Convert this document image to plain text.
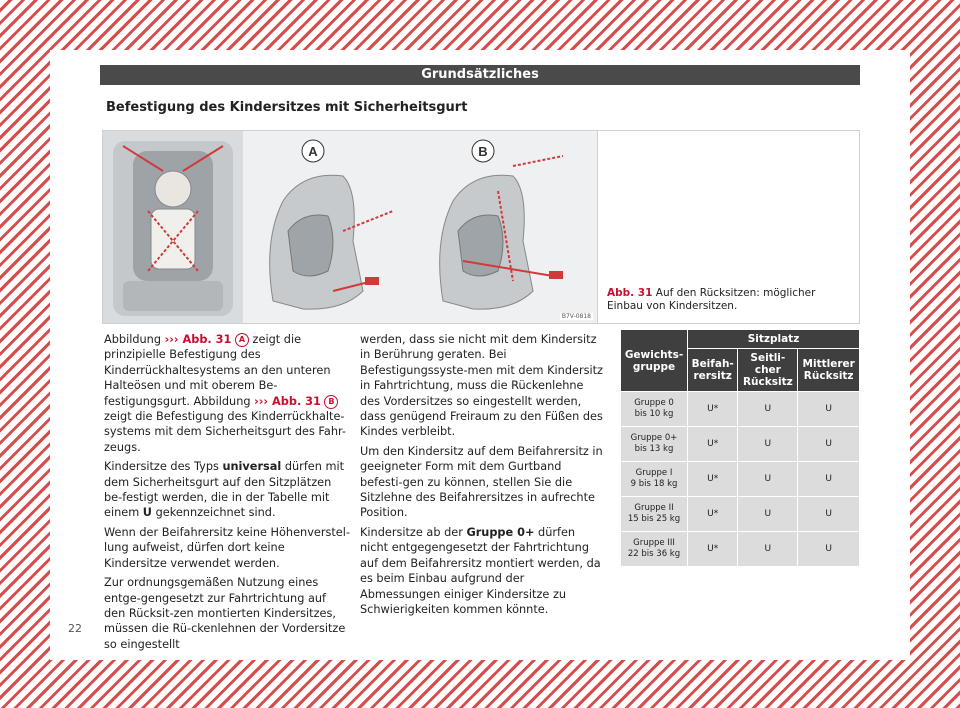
Grundsätzliches
Befestigung des Kindersitzes mit Sicherheitsgurt
A	B
B7V-0818
Abb. 31 Auf den Rücksitzen: möglicher Einbau von Kindersitzen.

Abbildung ››› Abb. 31 A zeigt die prinzipielle Befestigung des Kinderrückhaltesystems an den unteren Halteösen und mit oberem Be-festigungsgurt. Abbildung ››› Abb. 31 B zeigt die Befestigung des Kinderrückhalte-systems mit dem Sicherheitsgurt des Fahr-zeugs.

Kindersitze des Typs universal dürfen mit dem Sicherheitsgurt auf den Sitzplätzen be-festigt werden, die in der Tabelle mit einem U gekennzeichnet sind.

Wenn der Beifahrersitz keine Höhenverstel-lung aufweist, dürfen dort keine Kindersitze verwendet werden.

Zur ordnungsgemäßen Nutzung eines entge-gengesetzt zur Fahrtrichtung auf den Rücksit-zen montierten Kindersitzes, müssen die Rü-ckenlehnen der Vordersitze so eingestellt

werden, dass sie nicht mit dem Kindersitz in Berührung geraten. Bei Befestigungssyste-men mit dem Kindersitz in Fahrtrichtung, muss die Rückenlehne des Vordersitzes so eingestellt werden, dass genügend Freiraum zu den Füßen des Kindes verbleibt.

Um den Kindersitz auf dem Beifahrersitz in geeigneter Form mit dem Gurtband befesti-gen zu können, stellen Sie die Sitzlehne des Beifahrersitzes in aufrechte Position.

Kindersitze ab der Gruppe 0+ dürfen nicht entgegengesetzt der Fahrtrichtung auf dem Beifahrersitz montiert werden, da es beim Einbau aufgrund der Abmessungen einiger Kindersitze zu Schwierigkeiten kommen könnte.

Gewichts-gruppe	Sitzplatz		
	Beifah-rersitz	Seitli-cher Rücksitz	Mittlerer Rücksitz
Gruppe 0
bis 10 kg	U*	U	U
Gruppe 0+
bis 13 kg	U*	U	U
Gruppe I
9 bis 18 kg	U*	U	U
Gruppe II
15 bis 25 kg	U*	U	U
Gruppe III
22 bis 36 kg	U*	U	U
22
